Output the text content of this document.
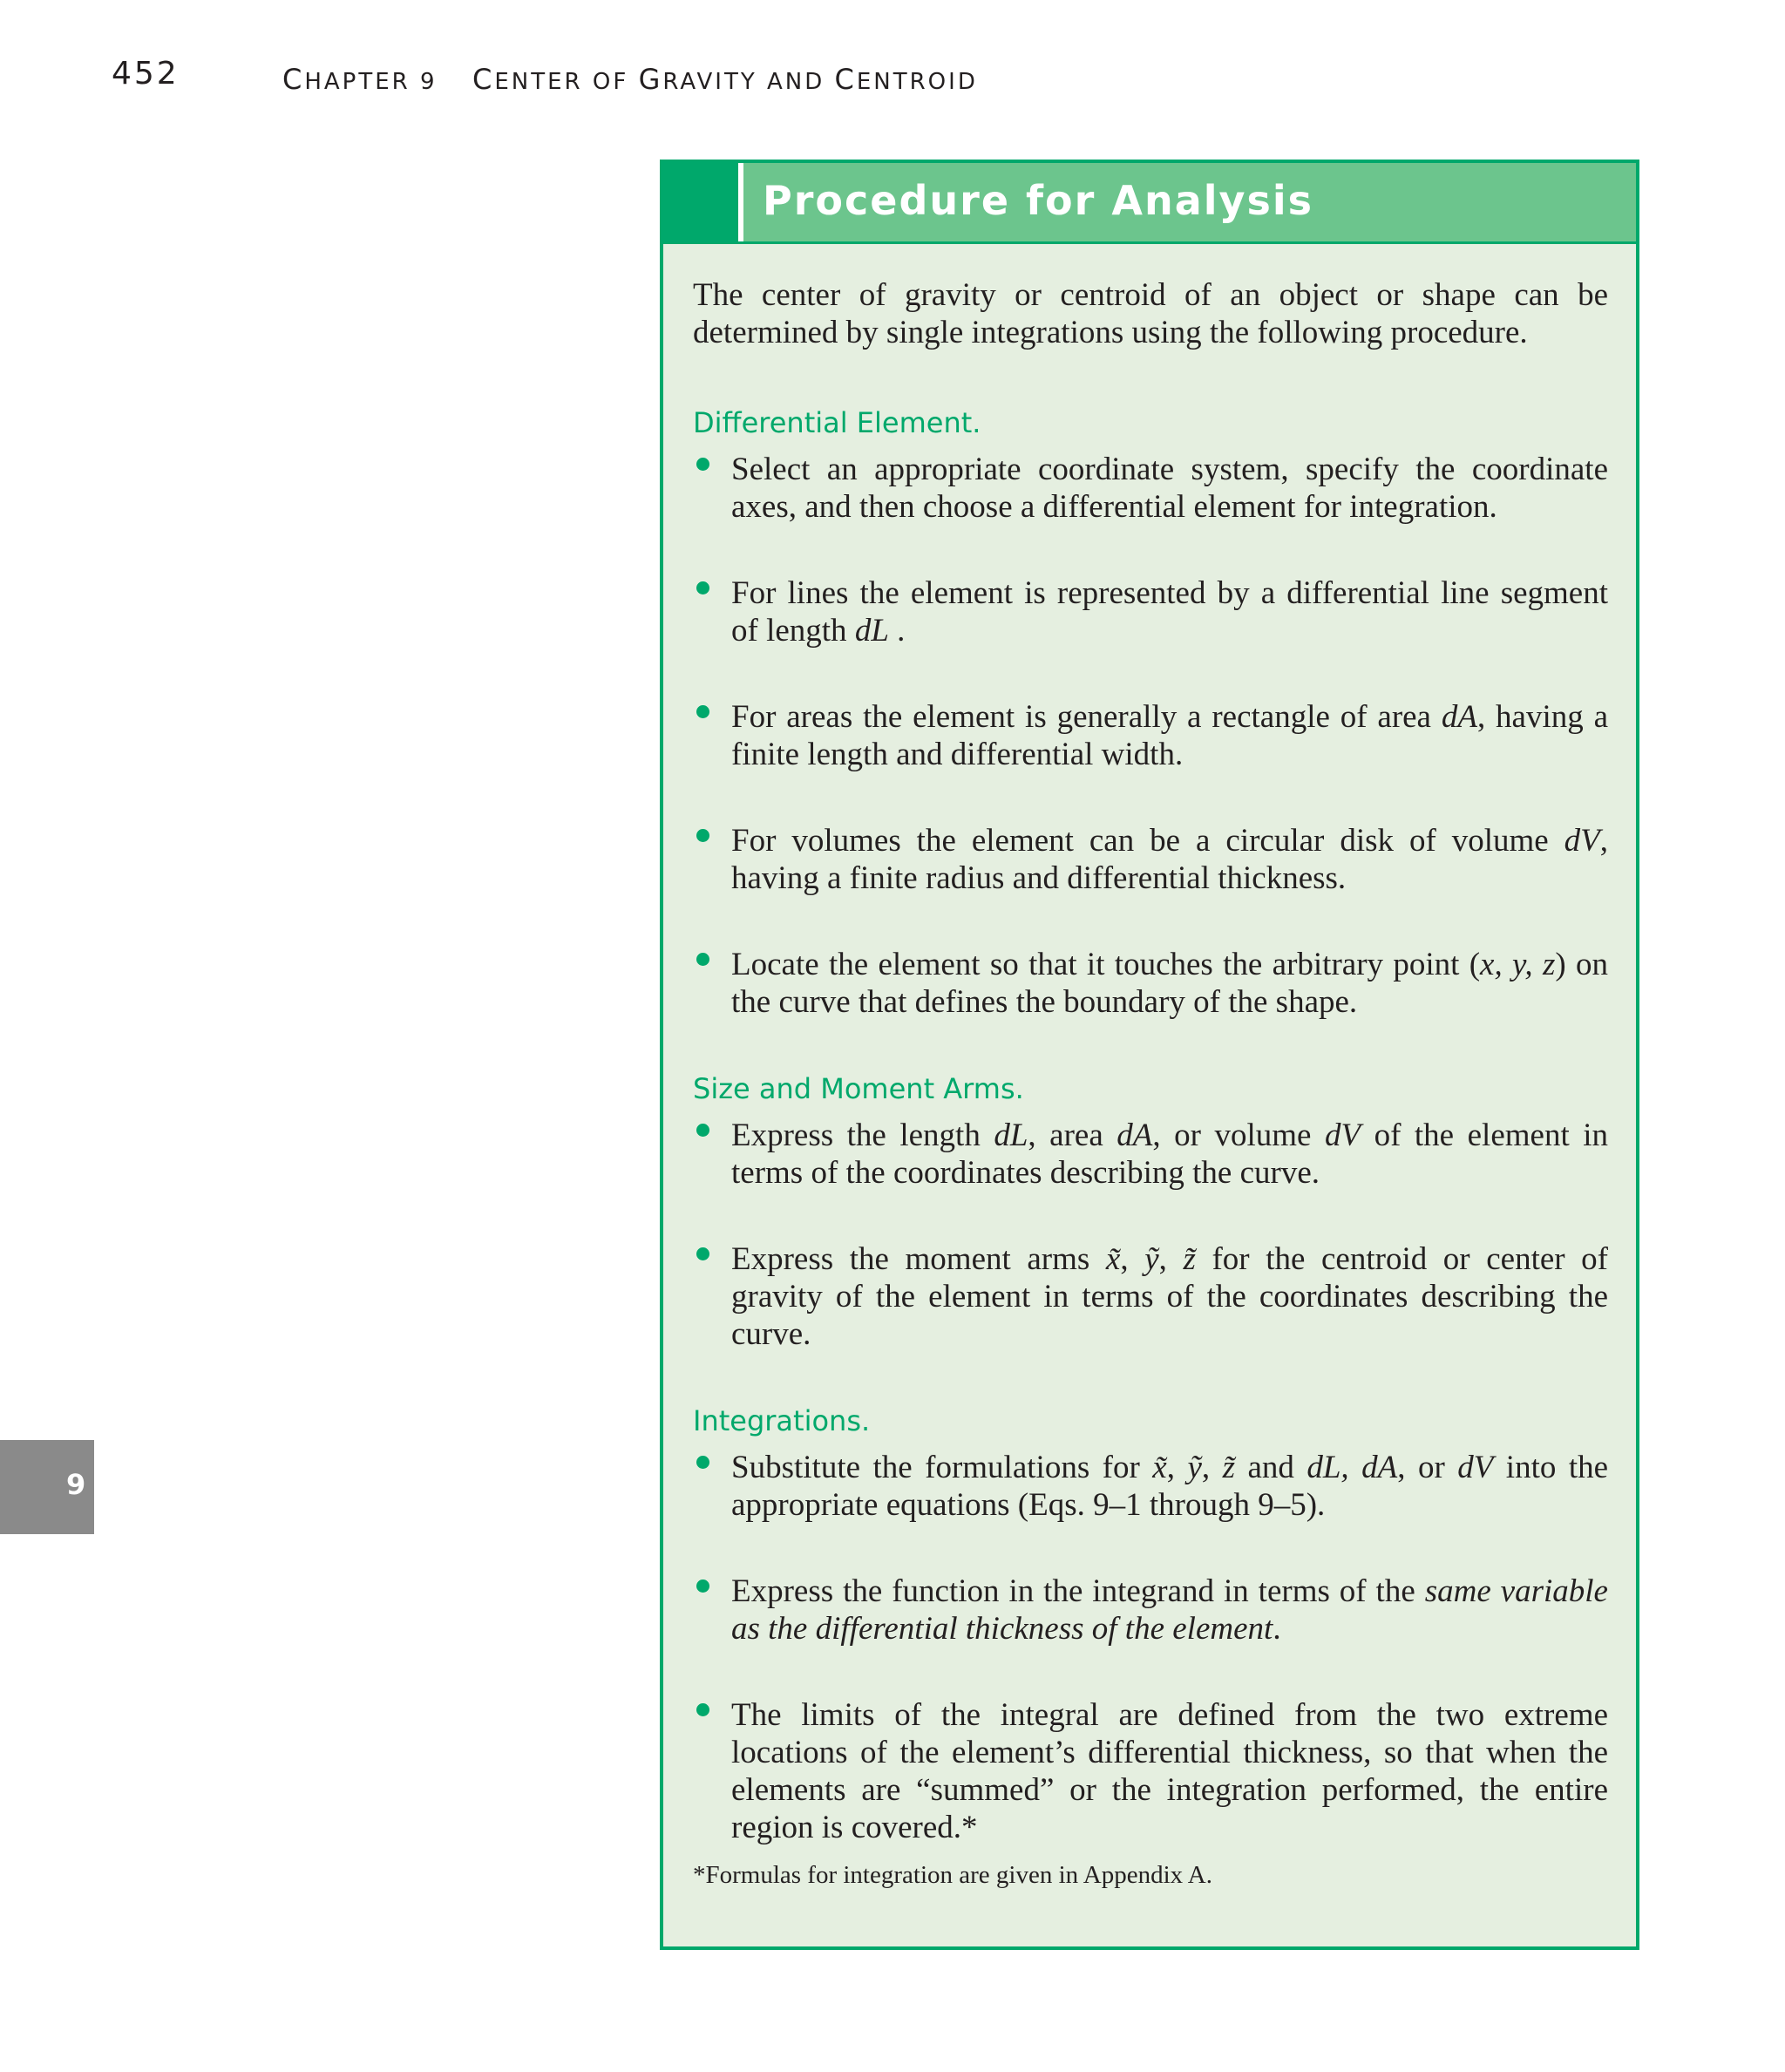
452	CHAPTER 9 CENTER OF GRAVITY AND CENTROID
Procedure for Analysis

The center of gravity or centroid of an object or shape can be determined by single integrations using the following procedure.

Differential Element.

Select an appropriate coordinate system, specify the coordinate axes, and then choose a differential element for integration.
For lines the element is represented by a differential line segment of length dL .
For areas the element is generally a rectangle of area dA, having a finite length and differential width.
For volumes the element can be a circular disk of volume dV, having a finite radius and differential thickness.
Locate the element so that it touches the arbitrary point (x, y, z) on the curve that defines the boundary of the shape.

Size and Moment Arms.

Express the length dL, area dA, or volume dV of the element in terms of the coordinates describing the curve.
Express the moment arms x̃, ỹ, z̃ for the centroid or center of gravity of the element in terms of the coordinates describing the curve.

Integrations.

Substitute the formulations for x̃, ỹ, z̃ and dL, dA, or dV into the appropriate equations (Eqs. 9–1 through 9–5).
Express the function in the integrand in terms of the same variable as the differential thickness of the element.
The limits of the integral are defined from the two extreme locations of the element’s differential thickness, so that when the elements are “summed” or the integration performed, the entire region is covered.*

*Formulas for integration are given in Appendix A.

9
